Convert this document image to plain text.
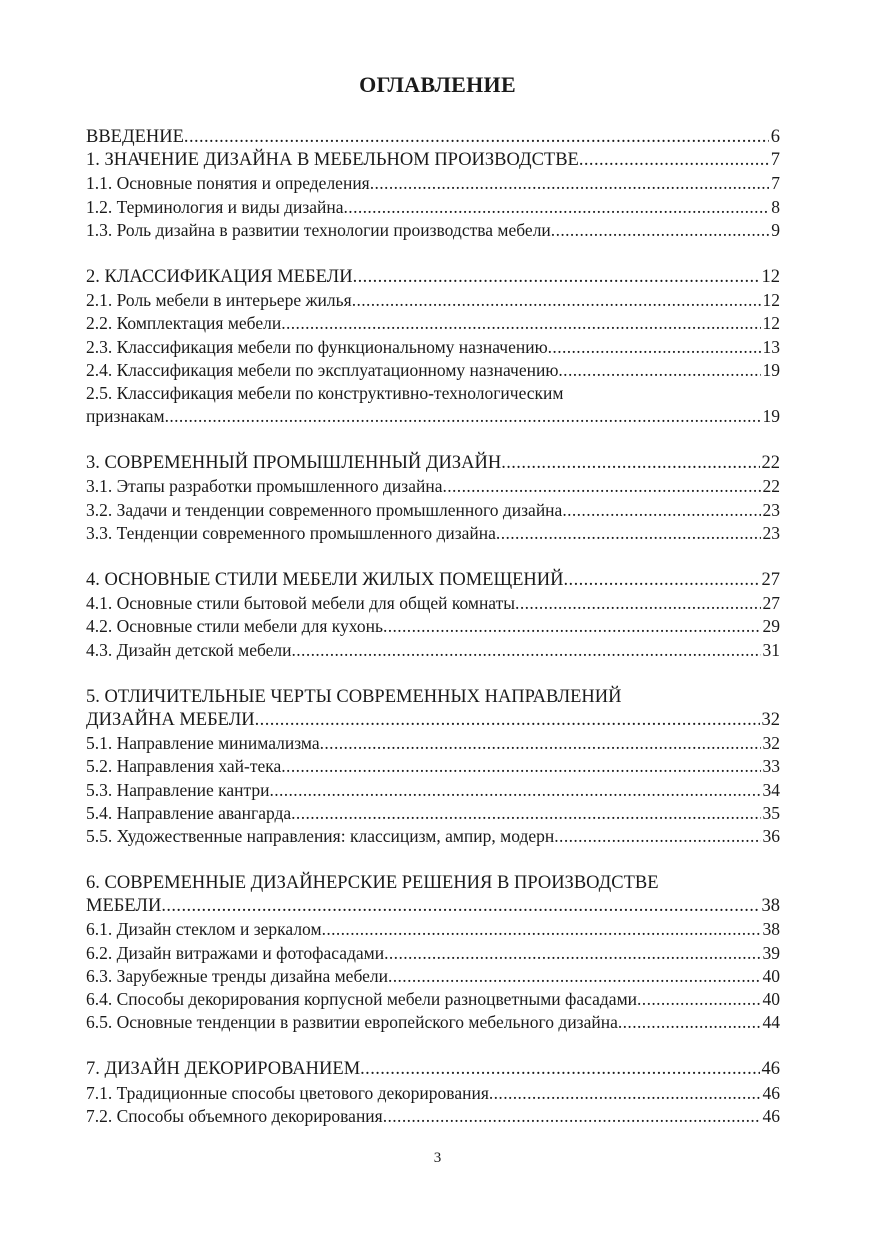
ОГЛАВЛЕНИЕ
ВВЕДЕНИЕ .....	6
1. ЗНАЧЕНИЕ ДИЗАЙНА В МЕБЕЛЬНОМ ПРОИЗВОДСТВЕ .....	7
1.1. Основные понятия и определения .....	7
1.2. Терминология и виды дизайна .....	8
1.3. Роль дизайна в развитии технологии производства мебели .....	9
2. КЛАССИФИКАЦИЯ МЕБЕЛИ .....	12
2.1. Роль мебели в интерьере жилья .....	12
2.2. Комплектация мебели .....	12
2.3. Классификация мебели по функциональному назначению .....	13
2.4. Классификация мебели по эксплуатационному назначению .....	19
2.5. Классификация мебели по конструктивно-технологическим
признакам .....	19
3. СОВРЕМЕННЫЙ ПРОМЫШЛЕННЫЙ ДИЗАЙН .....	22
3.1. Этапы разработки промышленного дизайна .....	22
3.2. Задачи и тенденции современного промышленного дизайна .....	23
3.3. Тенденции современного промышленного дизайна .....	23
4. ОСНОВНЫЕ СТИЛИ МЕБЕЛИ ЖИЛЫХ ПОМЕЩЕНИЙ .....	27
4.1. Основные стили бытовой мебели для общей комнаты .....	27
4.2. Основные стили мебели для кухонь .....	29
4.3. Дизайн детской мебели .....	31
5. ОТЛИЧИТЕЛЬНЫЕ ЧЕРТЫ СОВРЕМЕННЫХ НАПРАВЛЕНИЙ
ДИЗАЙНА МЕБЕЛИ .....	32
5.1. Направление минимализма .....	32
5.2. Направления хай-тека .....	33
5.3. Направление кантри .....	34
5.4. Направление авангарда .....	35
5.5. Художественные направления: классицизм, ампир, модерн .....	36
6. СОВРЕМЕННЫЕ ДИЗАЙНЕРСКИЕ РЕШЕНИЯ В ПРОИЗВОДСТВЕ
МЕБЕЛИ .....	38
6.1. Дизайн стеклом и зеркалом .....	38
6.2. Дизайн витражами и фотофасадами .....	39
6.3. Зарубежные тренды дизайна мебели .....	40
6.4. Способы декорирования корпусной мебели разноцветными фасадами .....	40
6.5. Основные тенденции в развитии европейского мебельного дизайна .....	44
7. ДИЗАЙН ДЕКОРИРОВАНИЕМ .....	46
7.1. Традиционные способы цветового декорирования .....	46
7.2. Способы объемного декорирования .....	46
3
